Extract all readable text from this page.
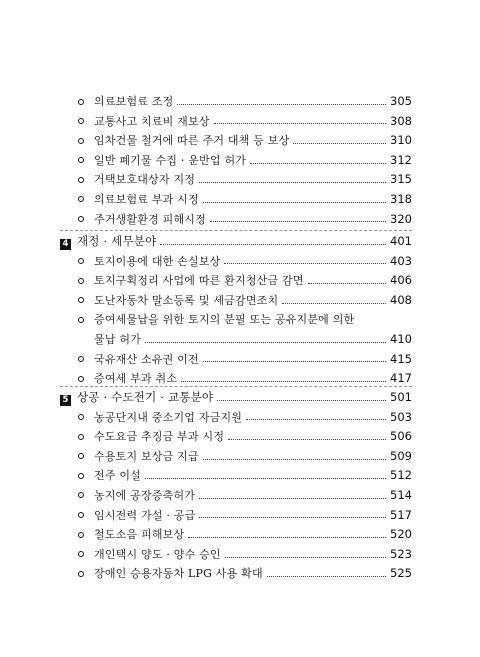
의료보험료 조정	305
교통사고 치료비 재보상	308
임차건물 철거에 따른 주거 대책 등 보상	310
일반 폐기물 수집 · 운반업 허가	312
거택보호대상자 지정	315
의료보험료 부과 시정	318
주거생활환경 피해시정	320
4 재정 · 세무분야	401
토지이용에 대한 손실보상	403
토지구획정리 사업에 따른 환지청산금 감면	406
도난자동차 말소등록 및 세금감면조치	408
증여세물납을 위한 토지의 분필 또는 공유지분에 의한
물납 허가	410
국유재산 소유권 이전	415
증여세 부과 취소	417
5 상공 · 수도전기 · 교통분야	501
농공단지내 중소기업 자금지원	503
수도요금 추징금 부과 시정	506
수용토지 보상금 지급	509
전주 이설	512
농지에 공장증축허가	514
임시전력 가설 · 공급	517
철도소음 피해보상	520
개인택시 양도 · 양수 승인	523
장애인 승용자동차 LPG 사용 확대	525
